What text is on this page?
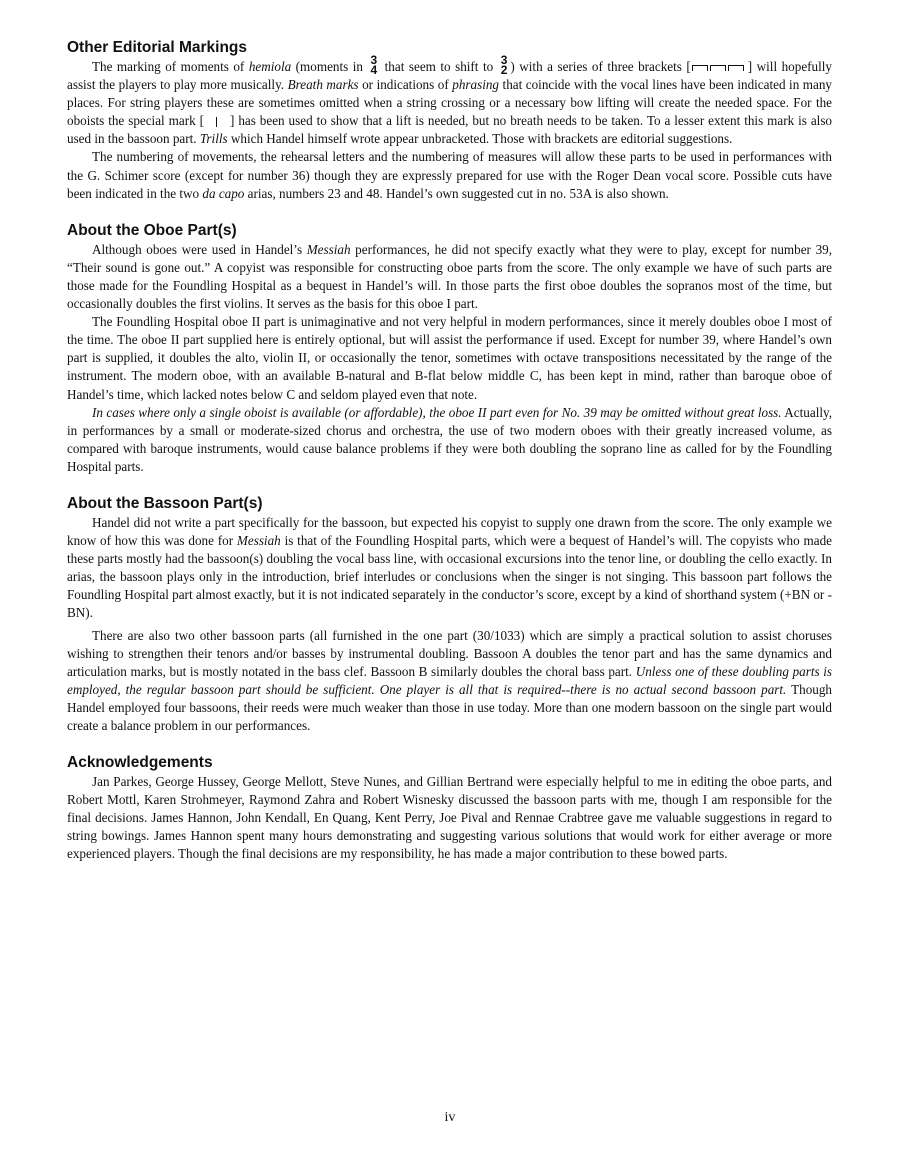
Other Editorial Markings

The marking of moments of hemiola (moments in 3
4 that seem to shift to 3
2 ) with a series of three brackets [	] will hopefully assist the players to play more musically. Breath marks or indications of phrasing that coincide with the vocal lines have been indicated in many places. For string players these are sometimes omitted when a string crossing or a necessary bow lifting will create the needed space. For the oboists the special mark [ ] has been used to show that a lift is needed, but no breath needs to be taken. To a lesser extent this mark is also used in the bassoon part. Trills which Handel himself wrote appear unbracketed. Those with brackets are editorial suggestions.

The numbering of movements, the rehearsal letters and the numbering of measures will allow these parts to be used in performances with the G. Schimer score (except for number 36) though they are expressly prepared for use with the Roger Dean vocal score. Possible cuts have been indicated in the two da capo arias, numbers 23 and 48. Handel’s own suggested cut in no. 53A is also shown.

About the Oboe Part(s)

Although oboes were used in Handel’s Messiah performances, he did not specify exactly what they were to play, except for number 39, “Their sound is gone out.” A copyist was responsible for constructing oboe parts from the score. The only example we have of such parts are those made for the Foundling Hospital as a bequest in Handel’s will. In those parts the first oboe doubles the sopranos most of the time, but occasionally doubles the first violins. It serves as the basis for this oboe I part.

The Foundling Hospital oboe II part is unimaginative and not very helpful in modern performances, since it merely doubles oboe I most of the time. The oboe II part supplied here is entirely optional, but will assist the performance if used. Except for number 39, where Handel’s own part is supplied, it doubles the alto, violin II, or occasionally the tenor, sometimes with octave transpositions necessitated by the range of the instrument. The modern oboe, with an available B-natural and B-flat below middle C, has been kept in mind, rather than baroque oboe of Handel’s time, which lacked notes below C and seldom played even that note.

In cases where only a single oboist is available (or affordable), the oboe II part even for No. 39 may be omitted without great loss. Actually, in performances by a small or moderate-sized chorus and orchestra, the use of two modern oboes with their greatly increased volume, as compared with baroque instruments, would cause balance problems if they were both doubling the soprano line as called for by the Foundling Hospital parts.

About the Bassoon Part(s)

Handel did not write a part specifically for the bassoon, but expected his copyist to supply one drawn from the score. The only example we know of how this was done for Messiah is that of the Foundling Hospital parts, which were a bequest of Handel’s will. The copyists who made these parts mostly had the bassoon(s) doubling the vocal bass line, with occasional excursions into the tenor line, or doubling the cello exactly. In arias, the bassoon plays only in the introduction, brief interludes or conclusions when the singer is not singing. This bassoon part follows the Foundling Hospital part almost exactly, but it is not indicated separately in the conductor’s score, except by a kind of shorthand system (+BN or -BN).

There are also two other bassoon parts (all furnished in the one part (30/1033) which are simply a practical solution to assist choruses wishing to strengthen their tenors and/or basses by instrumental doubling. Bassoon A doubles the tenor part and has the same dynamics and articulation marks, but is mostly notated in the bass clef. Bassoon B similarly doubles the choral bass part. Unless one of these doubling parts is employed, the regular bassoon part should be sufficient. One player is all that is required--there is no actual second bassoon part. Though Handel employed four bassoons, their reeds were much weaker than those in use today. More than one modern bassoon on the single part would create a balance problem in our performances.

Acknowledgements

Jan Parkes, George Hussey, George Mellott, Steve Nunes, and Gillian Bertrand were especially helpful to me in editing the oboe parts, and Robert Mottl, Karen Strohmeyer, Raymond Zahra and Robert Wisnesky discussed the bassoon parts with me, though I am responsible for the final decisions. James Hannon, John Kendall, En Quang, Kent Perry, Joe Pival and Rennae Crabtree gave me valuable suggestions in regard to string bowings. James Hannon spent many hours demonstrating and suggesting various solutions that would work for either average or more experienced players. Though the final decisions are my responsibility, he has made a major contribution to these bowed parts.

iv
